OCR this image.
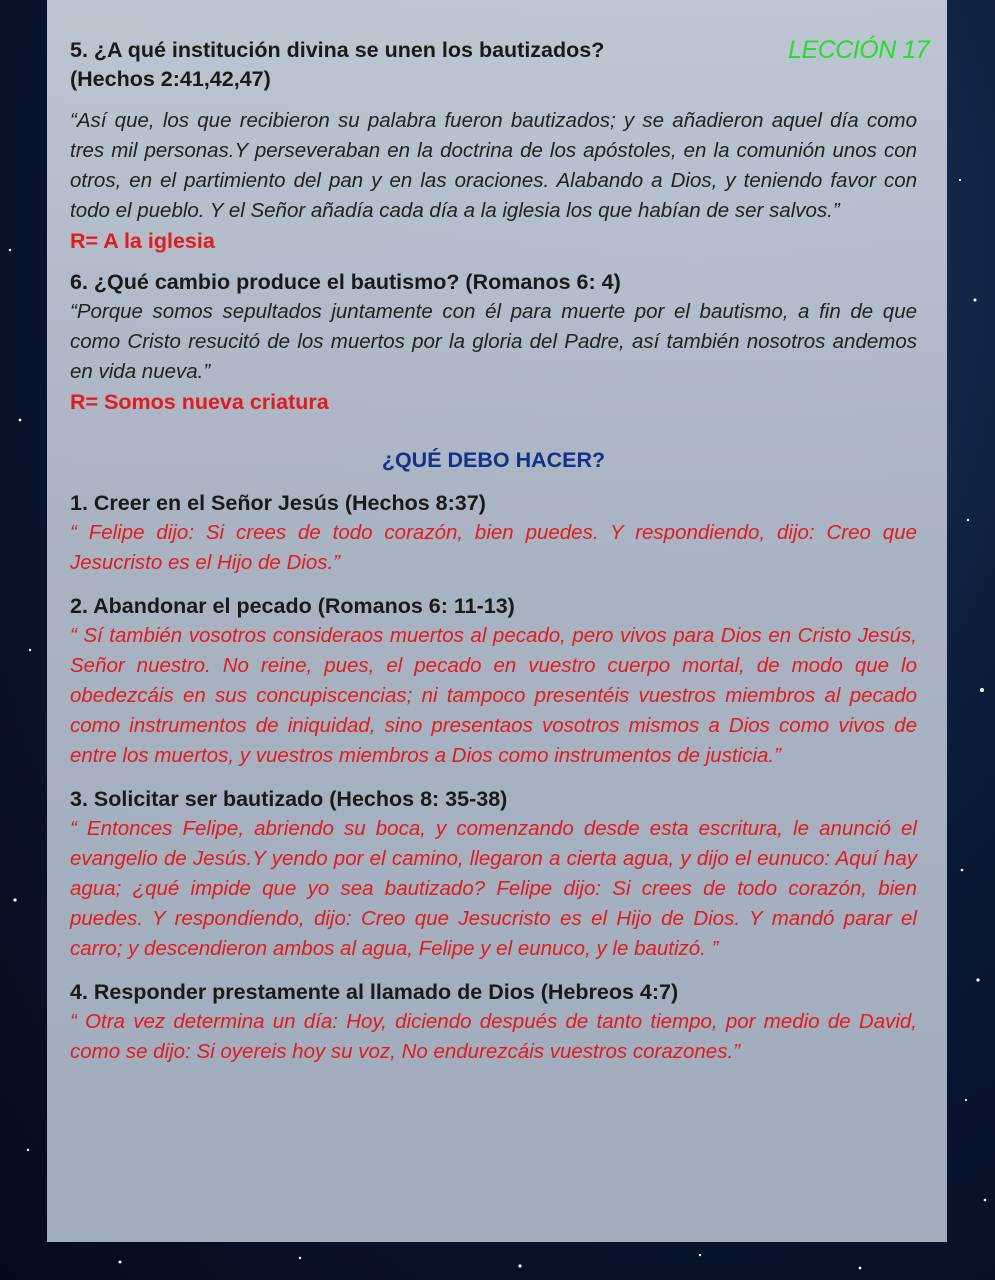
LECCIÓN 17

5. ¿A qué institución divina se unen los bautizados?

(Hechos 2:41,42,47)

“Así que, los que recibieron su palabra fueron bautizados; y se añadieron aquel día como tres mil personas.Y perseveraban en la doctrina de los apóstoles, en la comunión unos con otros, en el partimiento del pan y en las oraciones. Alabando a Dios, y teniendo favor con todo el pueblo. Y el Señor añadía cada día a la iglesia los que habían de ser salvos.”

R= A la iglesia

6. ¿Qué cambio produce el bautismo? (Romanos 6: 4)

“Porque somos sepultados juntamente con él para muerte por el bautismo, a fin de que como Cristo resucitó de los muertos por la gloria del Padre, así también nosotros andemos en vida nueva.”

R= Somos nueva criatura

¿QUÉ DEBO HACER?

1. Creer en el Señor Jesús (Hechos 8:37)

“ Felipe dijo: Si crees de todo corazón, bien puedes. Y respondiendo, dijo: Creo que Jesucristo es el Hijo de Dios.”

2. Abandonar el pecado (Romanos 6: 11-13)

“ Sí también vosotros consideraos muertos al pecado, pero vivos para Dios en Cristo Jesús, Señor nuestro. No reine, pues, el pecado en vuestro cuerpo mortal, de modo que lo obedezcáis en sus concupiscencias; ni tampoco presentéis vuestros miembros al pecado como instrumentos de iniquidad, sino presentaos vosotros mismos a Dios como vivos de entre los muertos, y vuestros miembros a Dios como instrumentos de justicia.”

3. Solicitar ser bautizado (Hechos 8: 35-38)

“ Entonces Felipe, abriendo su boca, y comenzando desde esta escritura, le anunció el evangelio de Jesús.Y yendo por el camino, llegaron a cierta agua, y dijo el eunuco: Aquí hay agua; ¿qué impide que yo sea bautizado? Felipe dijo: Si crees de todo corazón, bien puedes. Y respondiendo, dijo: Creo que Jesucristo es el Hijo de Dios. Y mandó parar el carro; y descendieron ambos al agua, Felipe y el eunuco, y le bautizó. ”

4. Responder prestamente al llamado de Dios (Hebreos 4:7)

“ Otra vez determina un día: Hoy, diciendo después de tanto tiempo, por medio de David, como se dijo: Si oyereis hoy su voz, No endurezcáis vuestros corazones.”
